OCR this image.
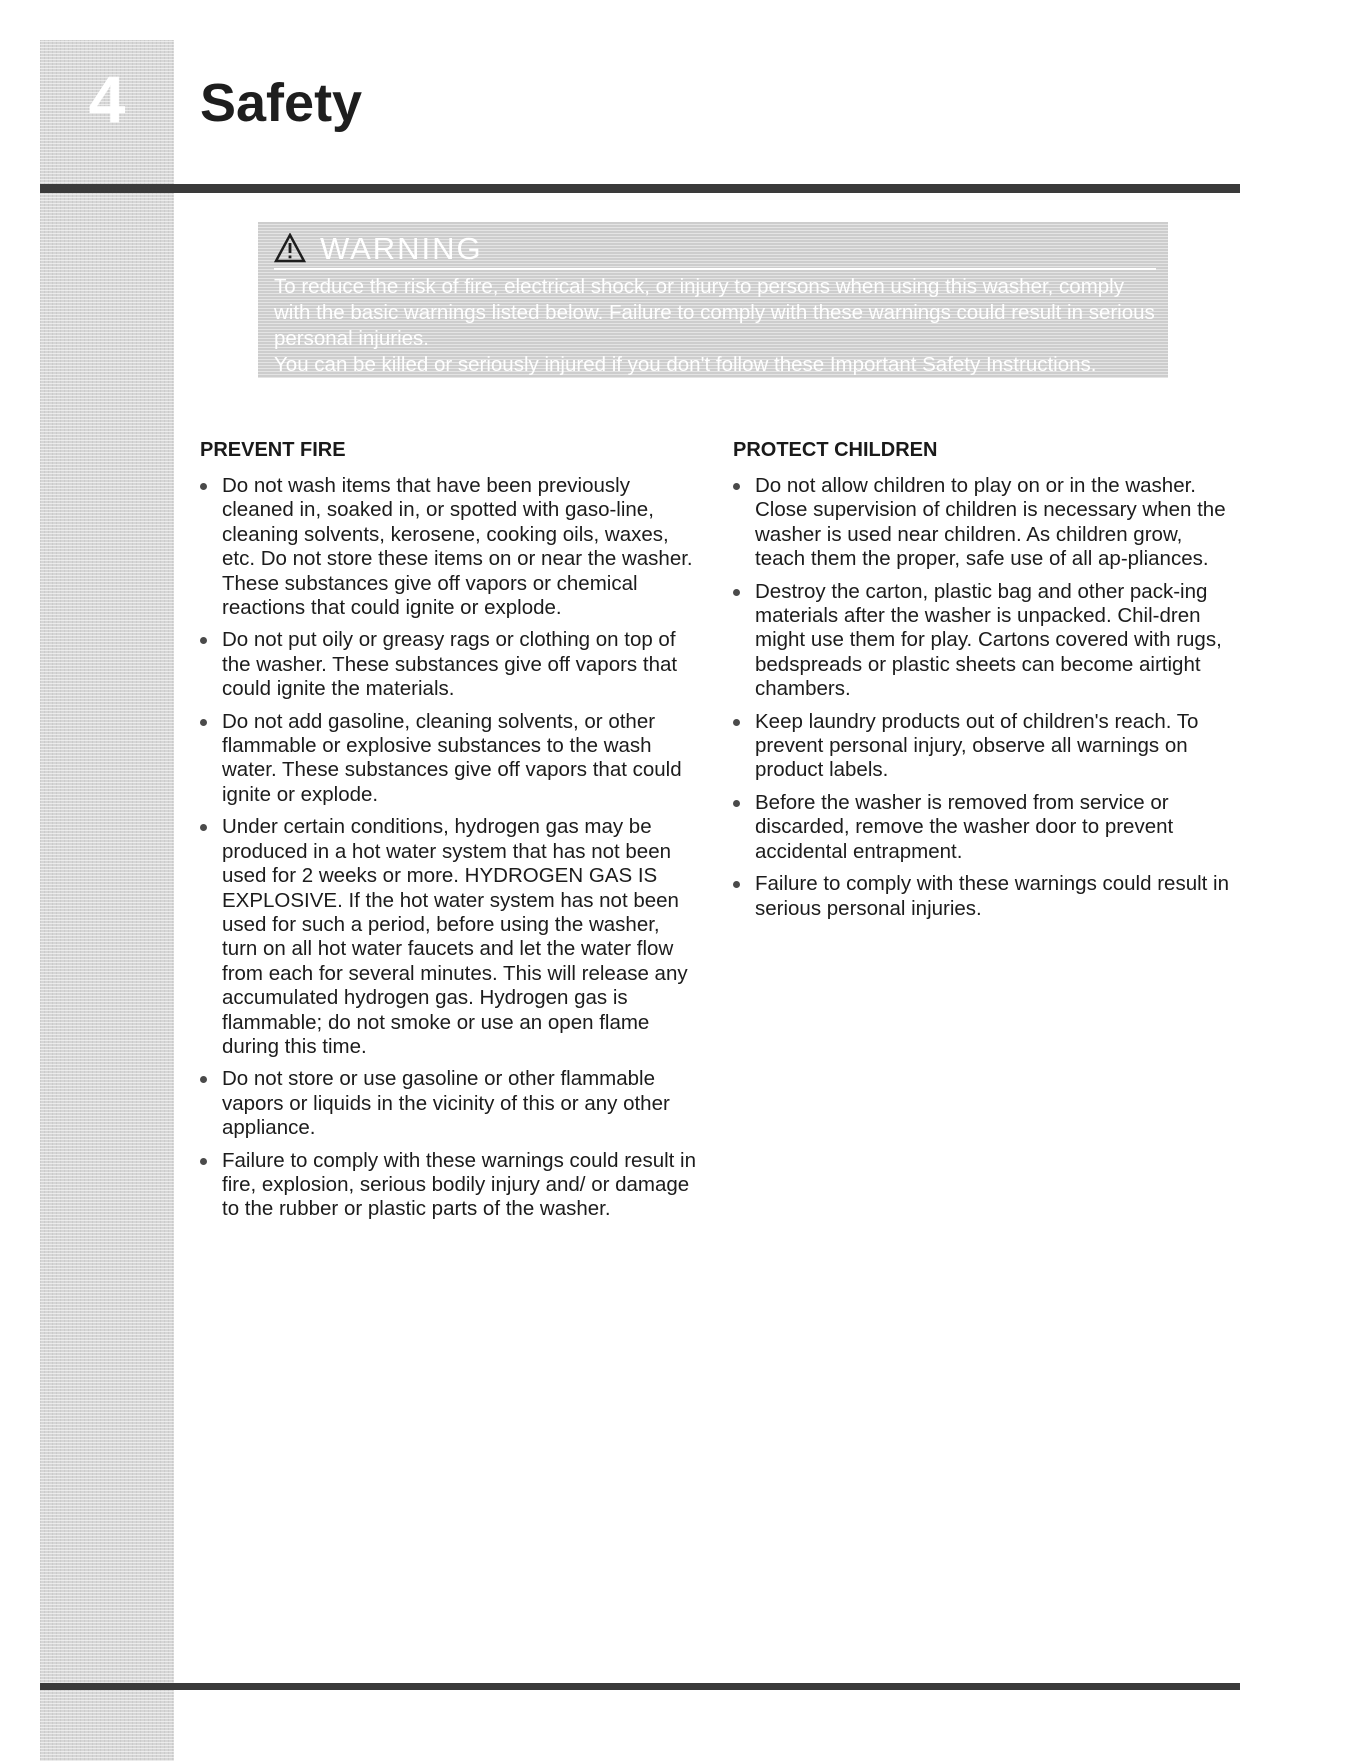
4	Safety
WARNING

To reduce the risk of fire, electrical shock, or injury to persons when using this washer, comply with the basic warnings listed below. Failure to comply with these warnings could result in serious personal injuries.

You can be killed or seriously injured if you don't follow these Important Safety Instructions.

PREVENT FIRE
Do not wash items that have been previously cleaned in, soaked in, or spotted with gaso-line, cleaning solvents, kerosene, cooking oils, waxes, etc. Do not store these items on or near the washer. These substances give off vapors or chemical reactions that could ignite or explode.
Do not put oily or greasy rags or clothing on top of the washer. These substances give off vapors that could ignite the materials.
Do not add gasoline, cleaning solvents, or other flammable or explosive substances to the wash water. These substances give off vapors that could ignite or explode.
Under certain conditions, hydrogen gas may be produced in a hot water system that has not been used for 2 weeks or more. HYDROGEN GAS IS EXPLOSIVE. If the hot water system has not been used for such a period, before using the washer, turn on all hot water faucets and let the water flow from each for several minutes. This will release any accumulated hydrogen gas. Hydrogen gas is flammable; do not smoke or use an open flame during this time.
Do not store or use gasoline or other flammable vapors or liquids in the vicinity of this or any other appliance.
Failure to comply with these warnings could result in fire, explosion, serious bodily injury and/ or damage to the rubber or plastic parts of the washer.
PROTECT CHILDREN
Do not allow children to play on or in the washer. Close supervision of children is necessary when the washer is used near children. As children grow, teach them the proper, safe use of all ap-pliances.
Destroy the carton, plastic bag and other pack-ing materials after the washer is unpacked. Chil-dren might use them for play. Cartons covered with rugs, bedspreads or plastic sheets can become airtight chambers.
Keep laundry products out of children's reach. To prevent personal injury, observe all warnings on product labels.
Before the washer is removed from service or discarded, remove the washer door to prevent accidental entrapment.
Failure to comply with these warnings could result in serious personal injuries.
